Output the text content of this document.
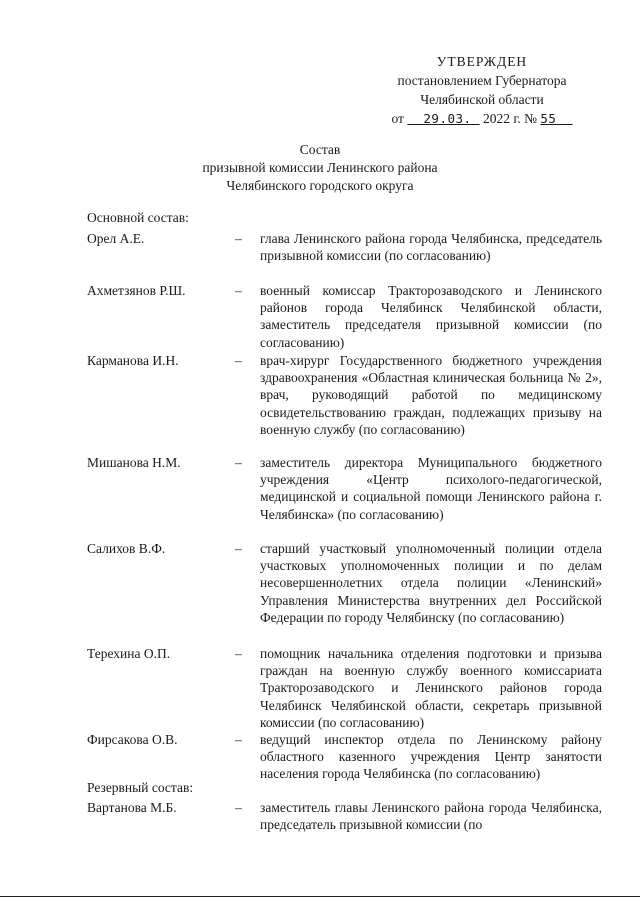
УТВЕРЖДЕН
постановлением Губернатора
Челябинской области
от 29.03. 2022 г. № 55
Состав
призывной комиссии Ленинского района
Челябинского городского округа
Основной состав:
Орел А.Е.	–	глава Ленинского района города Челябинска, председатель призывной комиссии (по согласованию)
Ахметзянов Р.Ш.	–	военный комиссар Тракторозаводского и Ленинского районов города Челябинск Челябинской области, заместитель председателя призывной комиссии (по согласованию)
Карманова И.Н.	–	врач-хирург Государственного бюджетного учреждения здравоохранения «Областная клиническая больница № 2», врач, руководящий работой по медицинскому освидетельствованию граждан, подлежащих призыву на военную службу (по согласованию)
Мишанова Н.М.	–	заместитель директора Муниципального бюджетного учреждения «Центр психолого-педагогической, медицинской и социальной помощи Ленинского района г. Челябинска» (по согласованию)
Салихов В.Ф.	–	старший участковый уполномоченный полиции отдела участковых уполномоченных полиции и по делам несовершеннолетних отдела полиции «Ленинский» Управления Министерства внутренних дел Российской Федерации по городу Челябинску (по согласованию)
Терехина О.П.	–	помощник начальника отделения подготовки и призыва граждан на военную службу военного комиссариата Тракторозаводского и Ленинского районов города Челябинск Челябинской области, секретарь призывной комиссии (по согласованию)
Фирсакова О.В.	–	ведущий инспектор отдела по Ленинскому району областного казенного учреждения Центр занятости населения города Челябинска (по согласованию)
Резервный состав:
Вартанова М.Б.	–	заместитель главы Ленинского района города Челябинска, председатель призывной комиссии (по
